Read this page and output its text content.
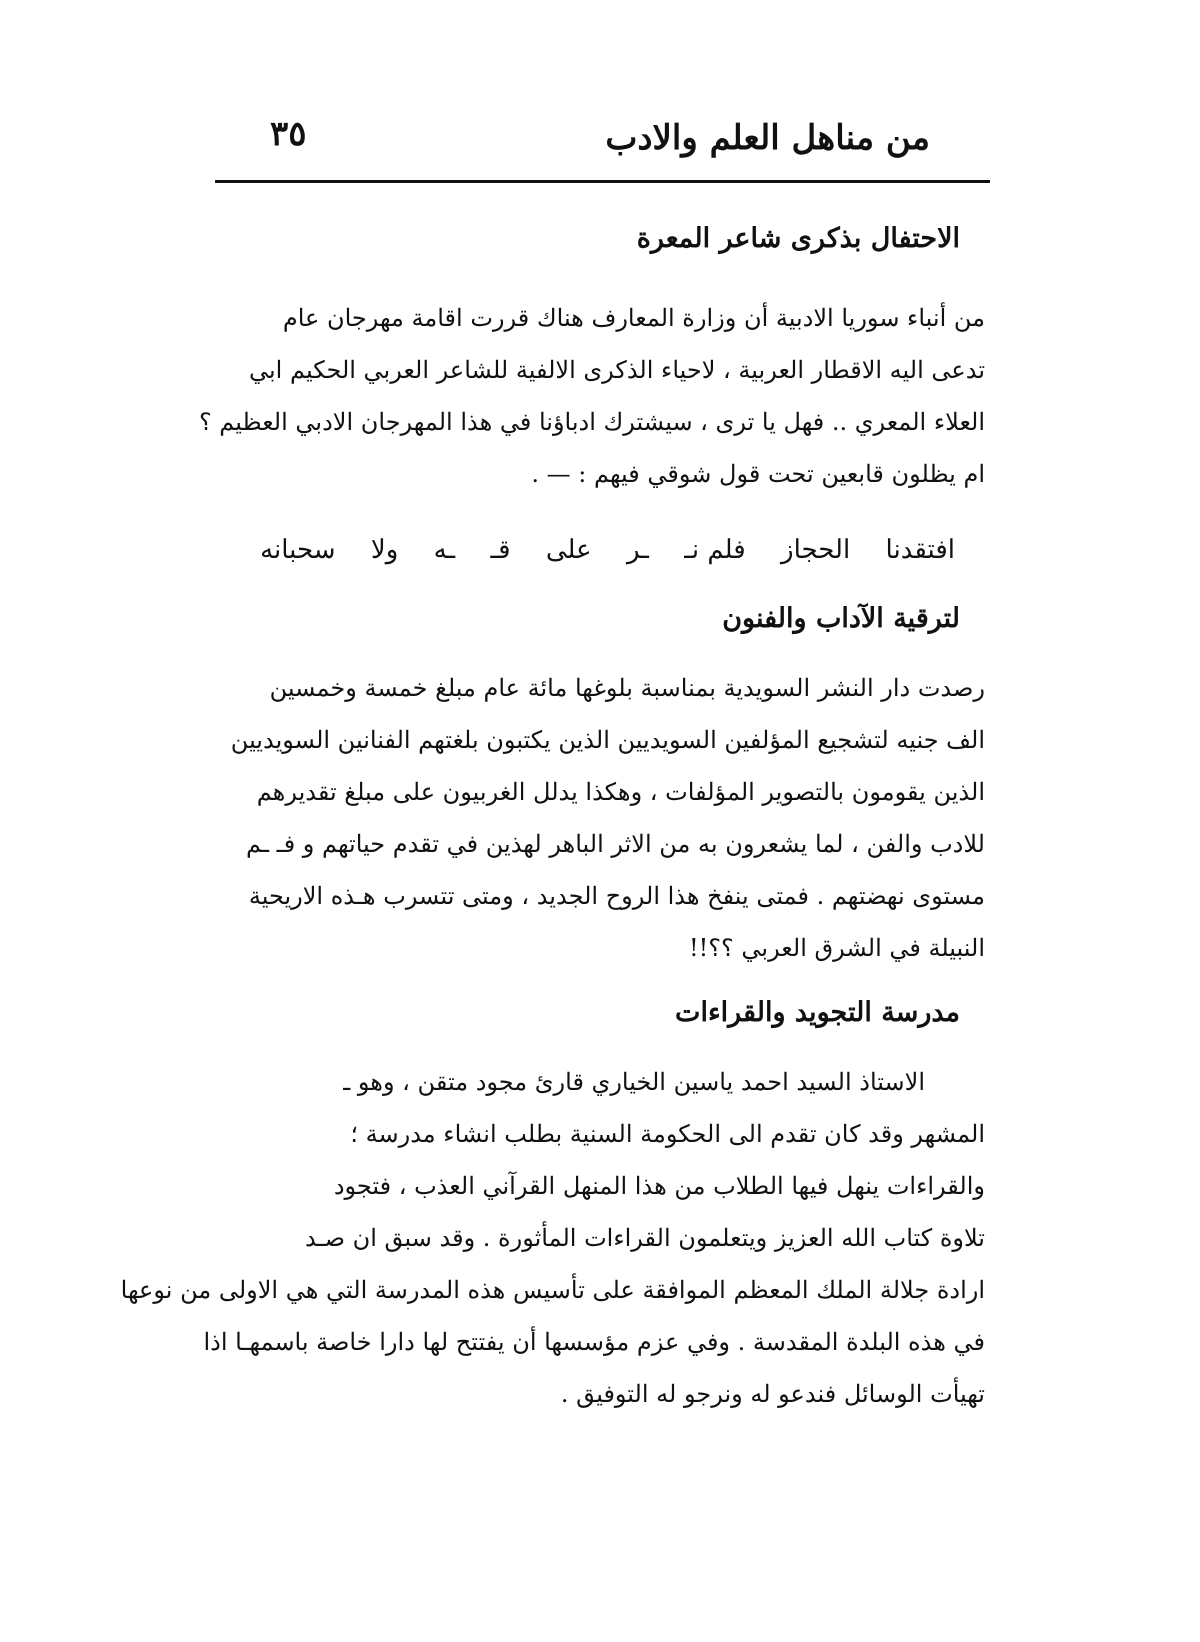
من مناهل العلم والادب
٣٥
الاحتفال بذكرى شاعر المعرة

من أنباء سوريا الادبية أن وزارة المعارف هناك قررت اقامة مهرجان عام
تدعى اليه الاقطار العربية ، لاحياء الذكرى الالفية للشاعر العربي الحكيم ابي
العلاء المعري .. فهل يا ترى ، سيشترك ادباؤنا في هذا المهرجان الادبي العظيم ؟
ام يظلون قابعين تحت قول شوقي فيهم : — .

افتقدنا
الحجاز
فلم نـ
ـر
على
قـ
ـه
ولا
سحبانه
لترقية الآداب والفنون

رصدت دار النشر السويدية بمناسبة بلوغها مائة عام مبلغ خمسة وخمسين
الف جنيه لتشجيع المؤلفين السويديين الذين يكتبون بلغتهم الفنانين السويديين
الذين يقومون بالتصوير المؤلفات ، وهكذا يدلل الغربيون على مبلغ تقديرهم
للادب والفن ، لما يشعرون به من الاثر الباهر لهذين في تقدم حياتهم و فـ ـم
مستوى نهضتهم . فمتى ينفخ هذا الروح الجديد ، ومتى تتسرب هـذه الاريحية
النبيلة في الشرق العربي ؟؟!!

مدرسة التجويد والقراءات

الاستاذ السيد احمد ياسين الخياري قارئ مجود متقن ، وهو ـ
المشهر وقد كان تقدم الى الحكومة السنية بطلب انشاء مدرسة ؛
والقراءات ينهل فيها الطلاب من هذا المنهل القرآني العذب ، فتجود
تلاوة كتاب الله العزيز ويتعلمون القراءات المأثورة . وقد سبق ان صـد
ارادة جلالة الملك المعظم الموافقة على تأسيس هذه المدرسة التي هي الاولى من نوعها
في هذه البلدة المقدسة . وفي عزم مؤسسها أن يفتتح لها دارا خاصة باسمهـا اذا
تهيأت الوسائل فندعو له ونرجو له التوفيق .
